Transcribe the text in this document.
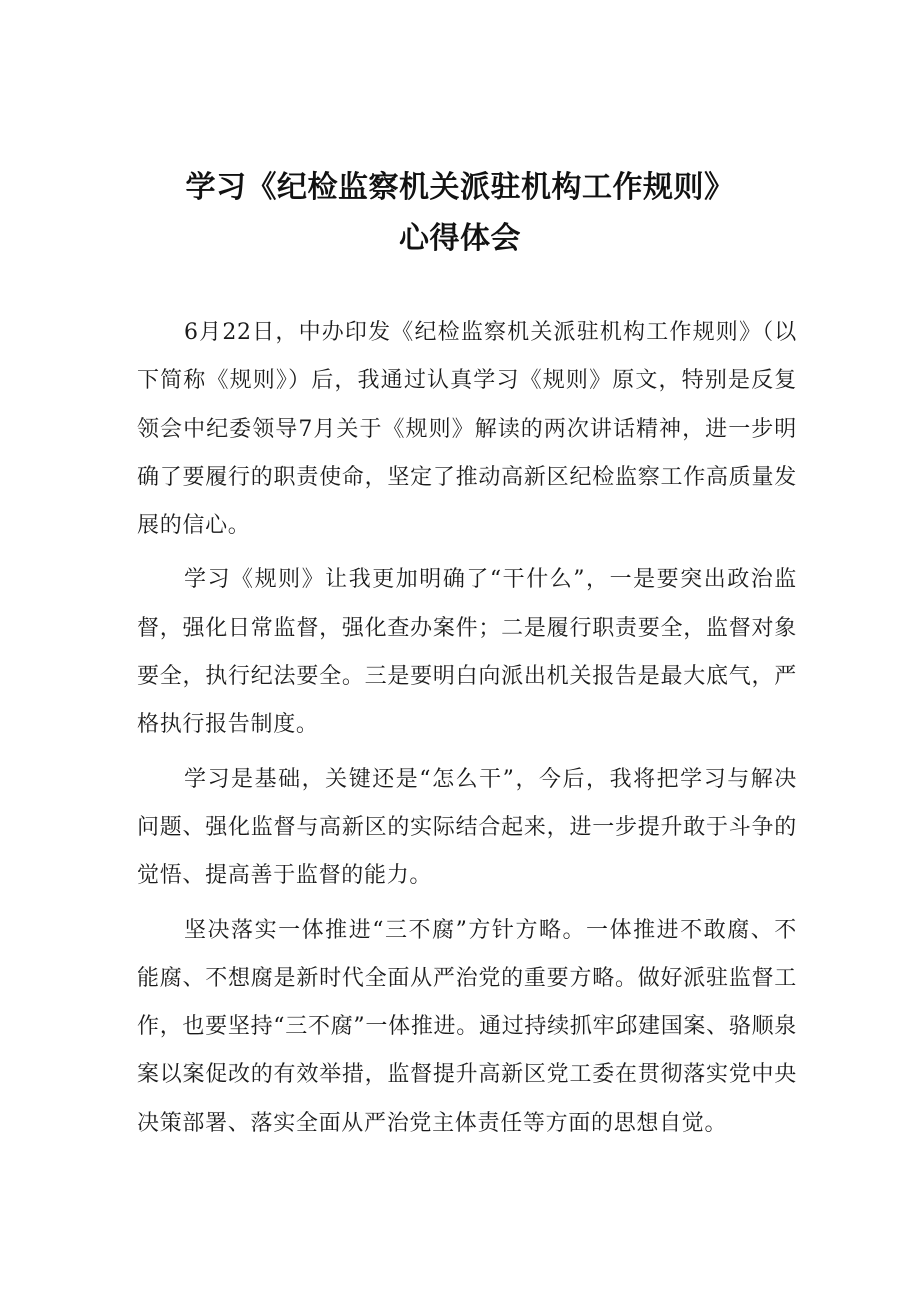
学习《纪检监察机关派驻机构工作规则》
心得体会

6月22日，中办印发《纪检监察机关派驻机构工作规则》（以下简称《规则》）后，我通过认真学习《规则》原文，特别是反复领会中纪委领导7月关于《规则》解读的两次讲话精神，进一步明确了要履行的职责使命，坚定了推动高新区纪检监察工作高质量发展的信心。

学习《规则》让我更加明确了“干什么”，一是要突出政治监督，强化日常监督，强化查办案件；二是履行职责要全，监督对象要全，执行纪法要全。三是要明白向派出机关报告是最大底气，严格执行报告制度。

学习是基础，关键还是“怎么干”，今后，我将把学习与解决问题、强化监督与高新区的实际结合起来，进一步提升敢于斗争的觉悟、提高善于监督的能力。

坚决落实一体推进“三不腐”方针方略。一体推进不敢腐、不能腐、不想腐是新时代全面从严治党的重要方略。做好派驻监督工作，也要坚持“三不腐”一体推进。通过持续抓牢邱建国案、骆顺泉案以案促改的有效举措，监督提升高新区党工委在贯彻落实党中央决策部署、落实全面从严治党主体责任等方面的思想自觉。
